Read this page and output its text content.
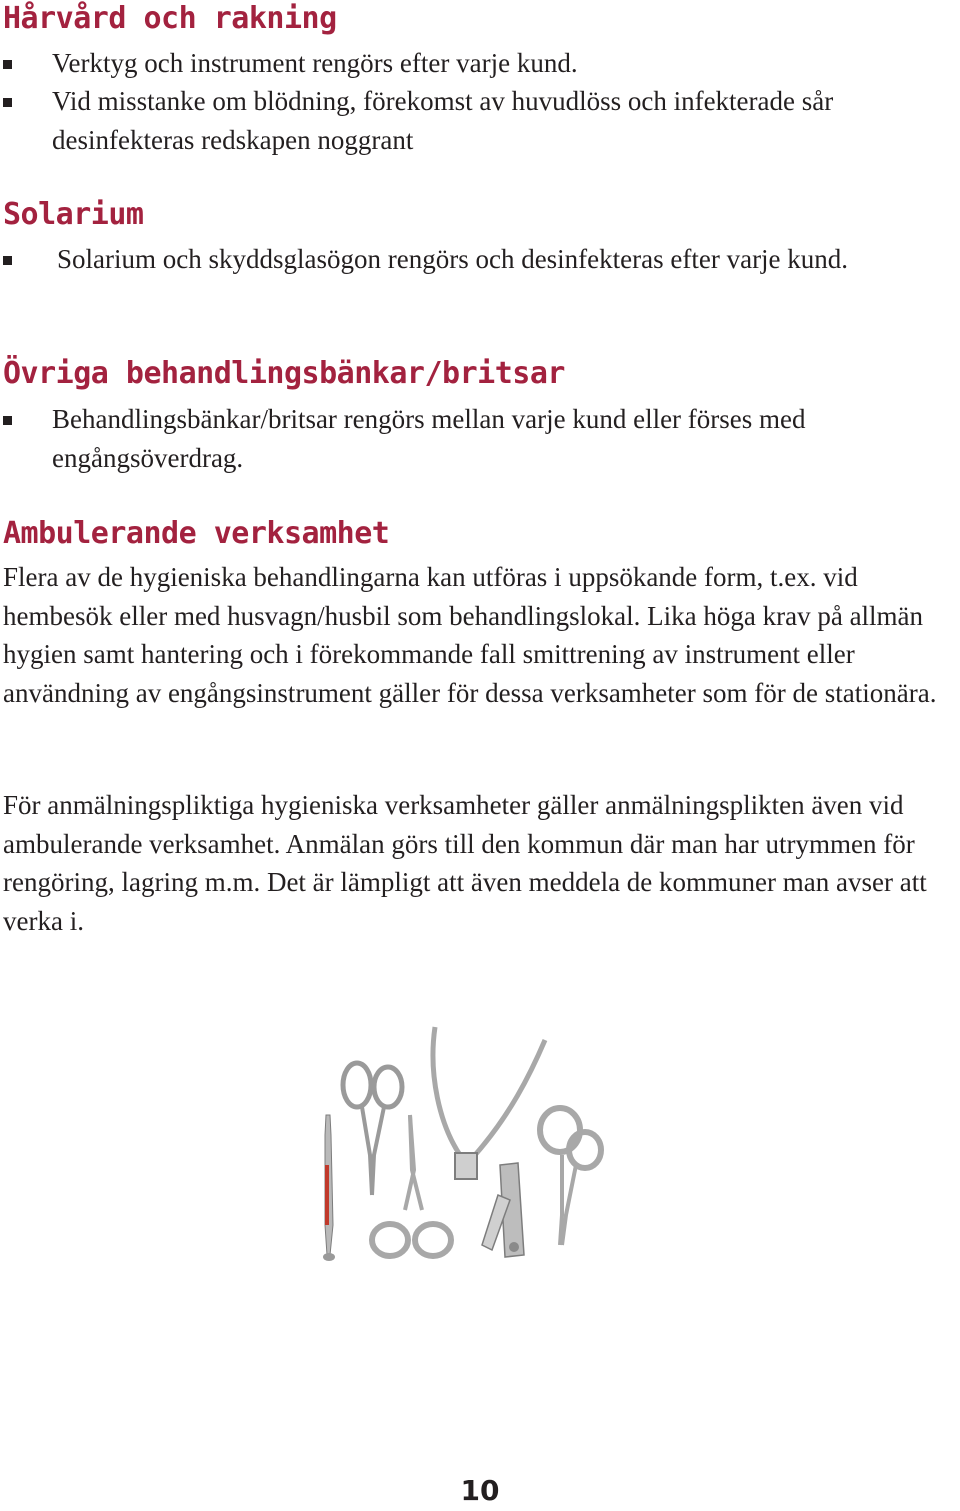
Hårvård och rakning

Verktyg och instrument rengörs efter varje kund.

Vid misstanke om blödning, förekomst av huvudlöss och infekterade sår desinfekteras redskapen noggrant

Solarium

Solarium och skyddsglasögon rengörs och desinfekteras efter varje kund.

Övriga behandlingsbänkar/britsar

Behandlingsbänkar/britsar rengörs mellan varje kund eller förses med engångsöverdrag.

Ambulerande verksamhet

Flera av de hygieniska behandlingarna kan utföras i uppsökande form, t.ex. vid hembesök eller med husvagn/husbil som behandlingslokal. Lika höga krav på allmän hygien samt hantering och i förekommande fall smittrening av instrument eller användning av engångsinstrument gäller för dessa verksamheter som för de stationära.

För anmälningspliktiga hygieniska verksamheter gäller anmälningsplikten även vid ambulerande verksamhet. Anmälan görs till den kommun där man har utrymmen för rengöring, lagring m.m. Det är lämpligt att även meddela de kommuner man avser att verka i.

10
